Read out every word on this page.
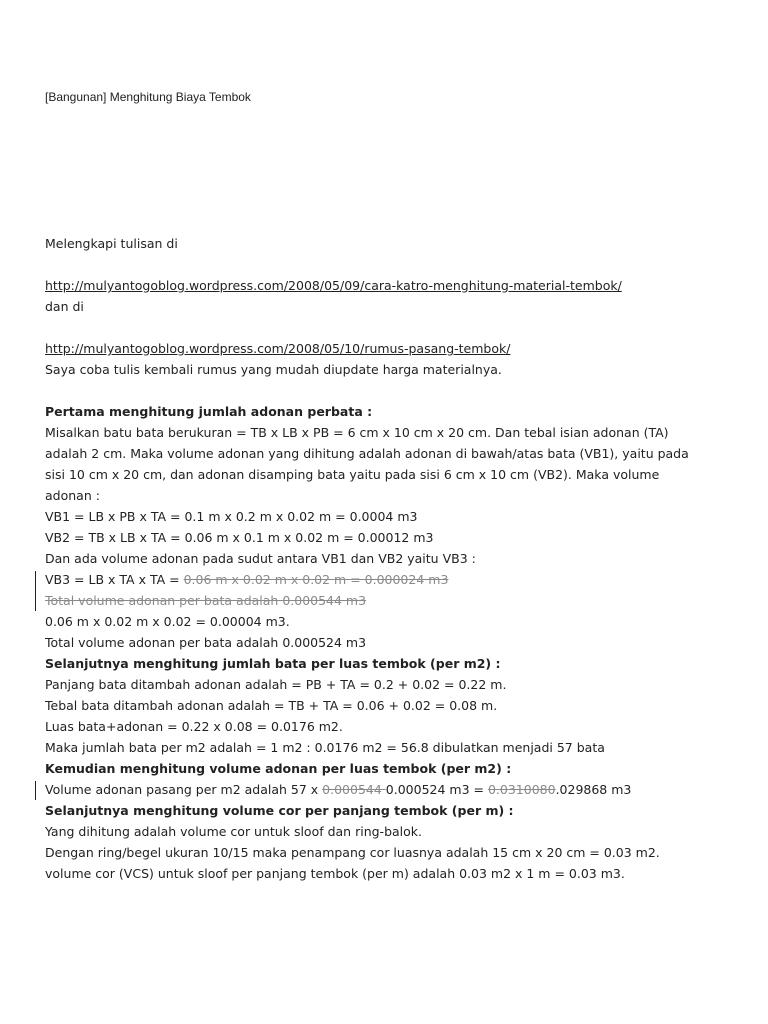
[Bangunan] Menghitung Biaya Tembok
Melengkapi tulisan di
http://mulyantogoblog.wordpress.com/2008/05/09/cara-katro-menghitung-material-tembok/
dan di
http://mulyantogoblog.wordpress.com/2008/05/10/rumus-pasang-tembok/
Saya coba tulis kembali rumus yang mudah diupdate harga materialnya.
Pertama menghitung jumlah adonan perbata :
Misalkan batu bata berukuran = TB x LB x PB = 6 cm x 10 cm x 20 cm. Dan tebal isian adonan (TA)
adalah 2 cm. Maka volume adonan yang dihitung adalah adonan di bawah/atas bata (VB1), yaitu pada
sisi 10 cm x 20 cm, dan adonan disamping bata yaitu pada sisi 6 cm x 10 cm (VB2). Maka volume
adonan :
VB1 = LB x PB x TA = 0.1 m x 0.2 m x 0.02 m = 0.0004 m3
VB2 = TB x LB x TA = 0.06 m x 0.1 m x 0.02 m = 0.00012 m3
Dan ada volume adonan pada sudut antara VB1 dan VB2 yaitu VB3 :
VB3 = LB x TA x TA = 0.06 m x 0.02 m x 0.02 m = 0.000024 m3
Total volume adonan per bata adalah 0.000544 m3
0.06 m x 0.02 m x 0.02 = 0.00004 m3.
Total volume adonan per bata adalah 0.000524 m3
Selanjutnya menghitung jumlah bata per luas tembok (per m2) :
Panjang bata ditambah adonan adalah = PB + TA = 0.2 + 0.02 = 0.22 m.
Tebal bata ditambah adonan adalah = TB + TA = 0.06 + 0.02 = 0.08 m.
Luas bata+adonan = 0.22 x 0.08 = 0.0176 m2.
Maka jumlah bata per m2 adalah = 1 m2 : 0.0176 m2 = 56.8 dibulatkan menjadi 57 bata
Kemudian menghitung volume adonan per luas tembok (per m2) :
Volume adonan pasang per m2 adalah 57 x 0.000544 0.000524 m3 = 0.0310080.029868 m3
Selanjutnya menghitung volume cor per panjang tembok (per m) :
Yang dihitung adalah volume cor untuk sloof dan ring-balok.
Dengan ring/begel ukuran 10/15 maka penampang cor luasnya adalah 15 cm x 20 cm = 0.03 m2.
volume cor (VCS) untuk sloof per panjang tembok (per m) adalah 0.03 m2 x 1 m = 0.03 m3.
